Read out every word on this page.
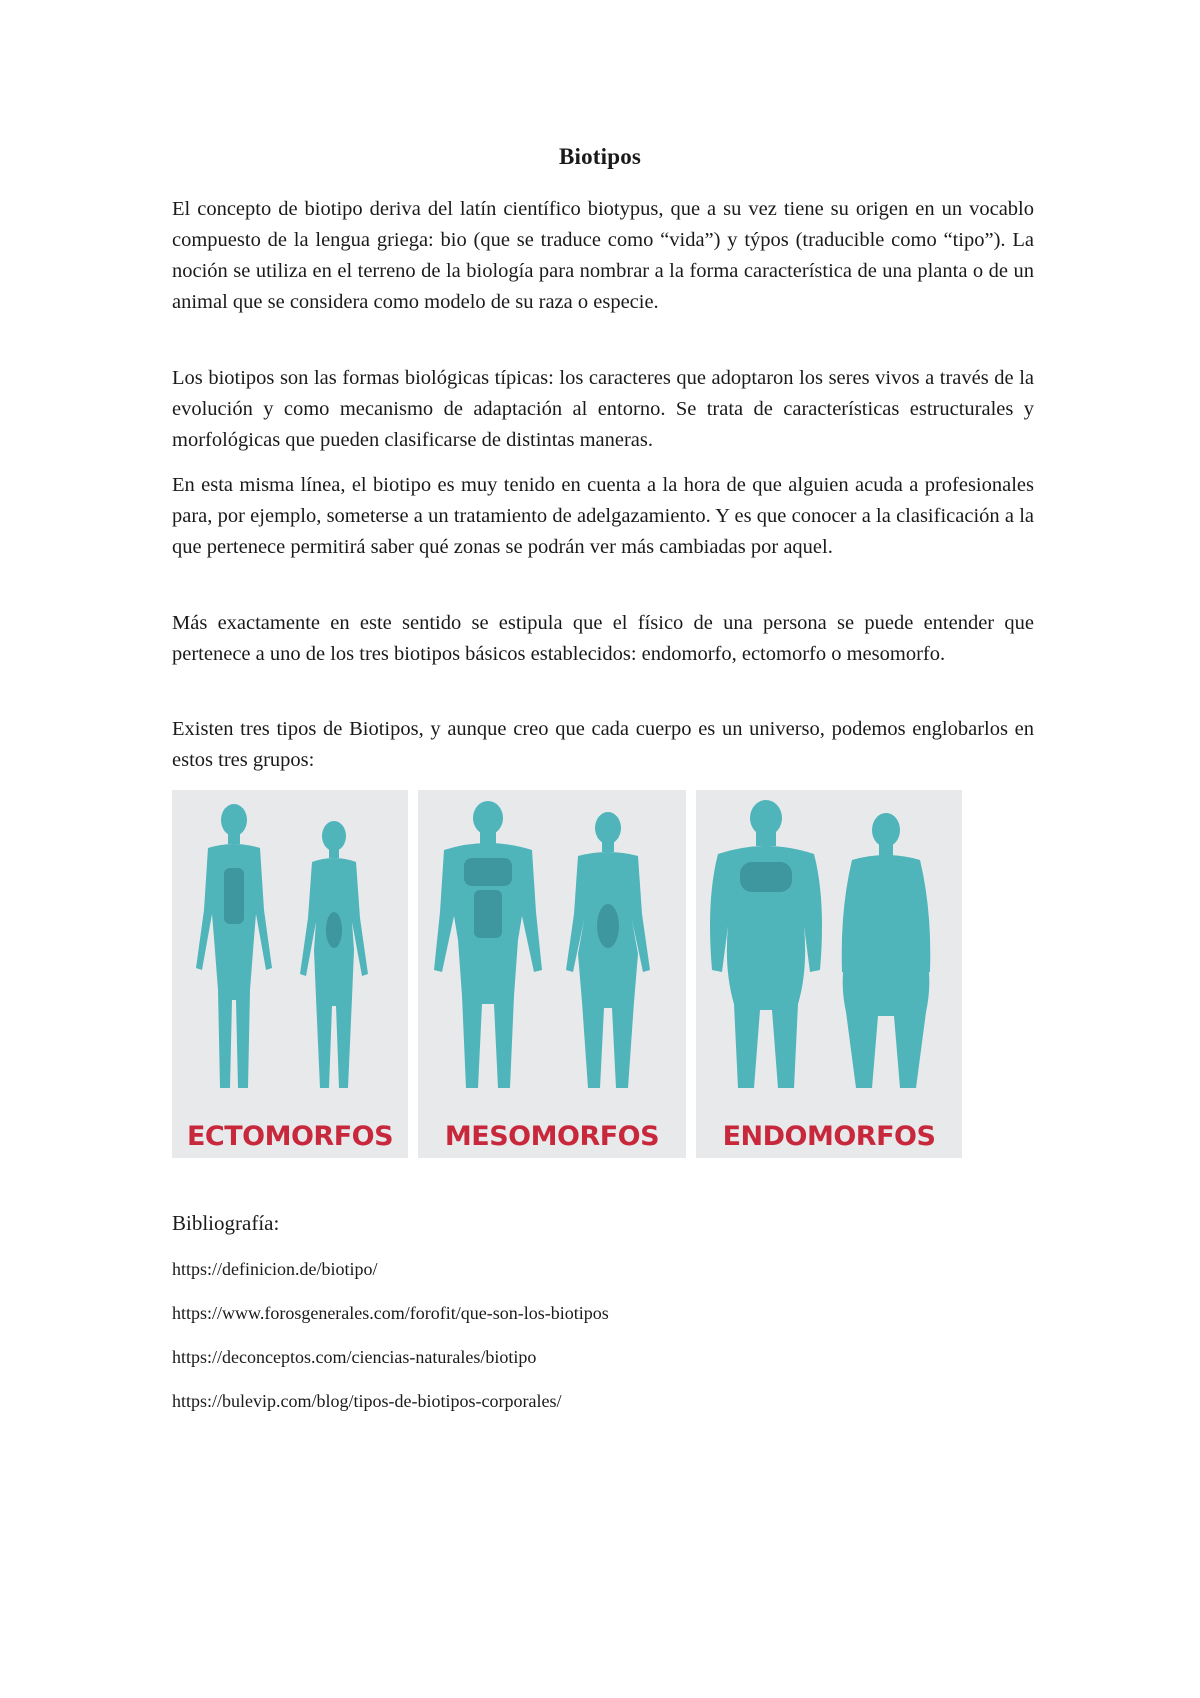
Biotipos

El concepto de biotipo deriva del latín científico biotypus, que a su vez tiene su origen en un vocablo compuesto de la lengua griega: bio (que se traduce como “vida”) y týpos (traducible como “tipo”). La noción se utiliza en el terreno de la biología para nombrar a la forma característica de una planta o de un animal que se considera como modelo de su raza o especie.

Los biotipos son las formas biológicas típicas: los caracteres que adoptaron los seres vivos a través de la evolución y como mecanismo de adaptación al entorno. Se trata de características estructurales y morfológicas que pueden clasificarse de distintas maneras.

En esta misma línea, el biotipo es muy tenido en cuenta a la hora de que alguien acuda a profesionales para, por ejemplo, someterse a un tratamiento de adelgazamiento. Y es que conocer a la clasificación a la que pertenece permitirá saber qué zonas se podrán ver más cambiadas por aquel.

Más exactamente en este sentido se estipula que el físico de una persona se puede entender que pertenece a uno de los tres biotipos básicos establecidos: endomorfo, ectomorfo o mesomorfo.

Existen tres tipos de Biotipos, y aunque creo que cada cuerpo es un universo, podemos englobarlos en estos tres grupos:

ECTOMORFOS	MESOMORFOS	ENDOMORFOS

Bibliografía:

https://definicion.de/biotipo/
https://www.forosgenerales.com/forofit/que-son-los-biotipos
https://deconceptos.com/ciencias-naturales/biotipo
https://bulevip.com/blog/tipos-de-biotipos-corporales/
